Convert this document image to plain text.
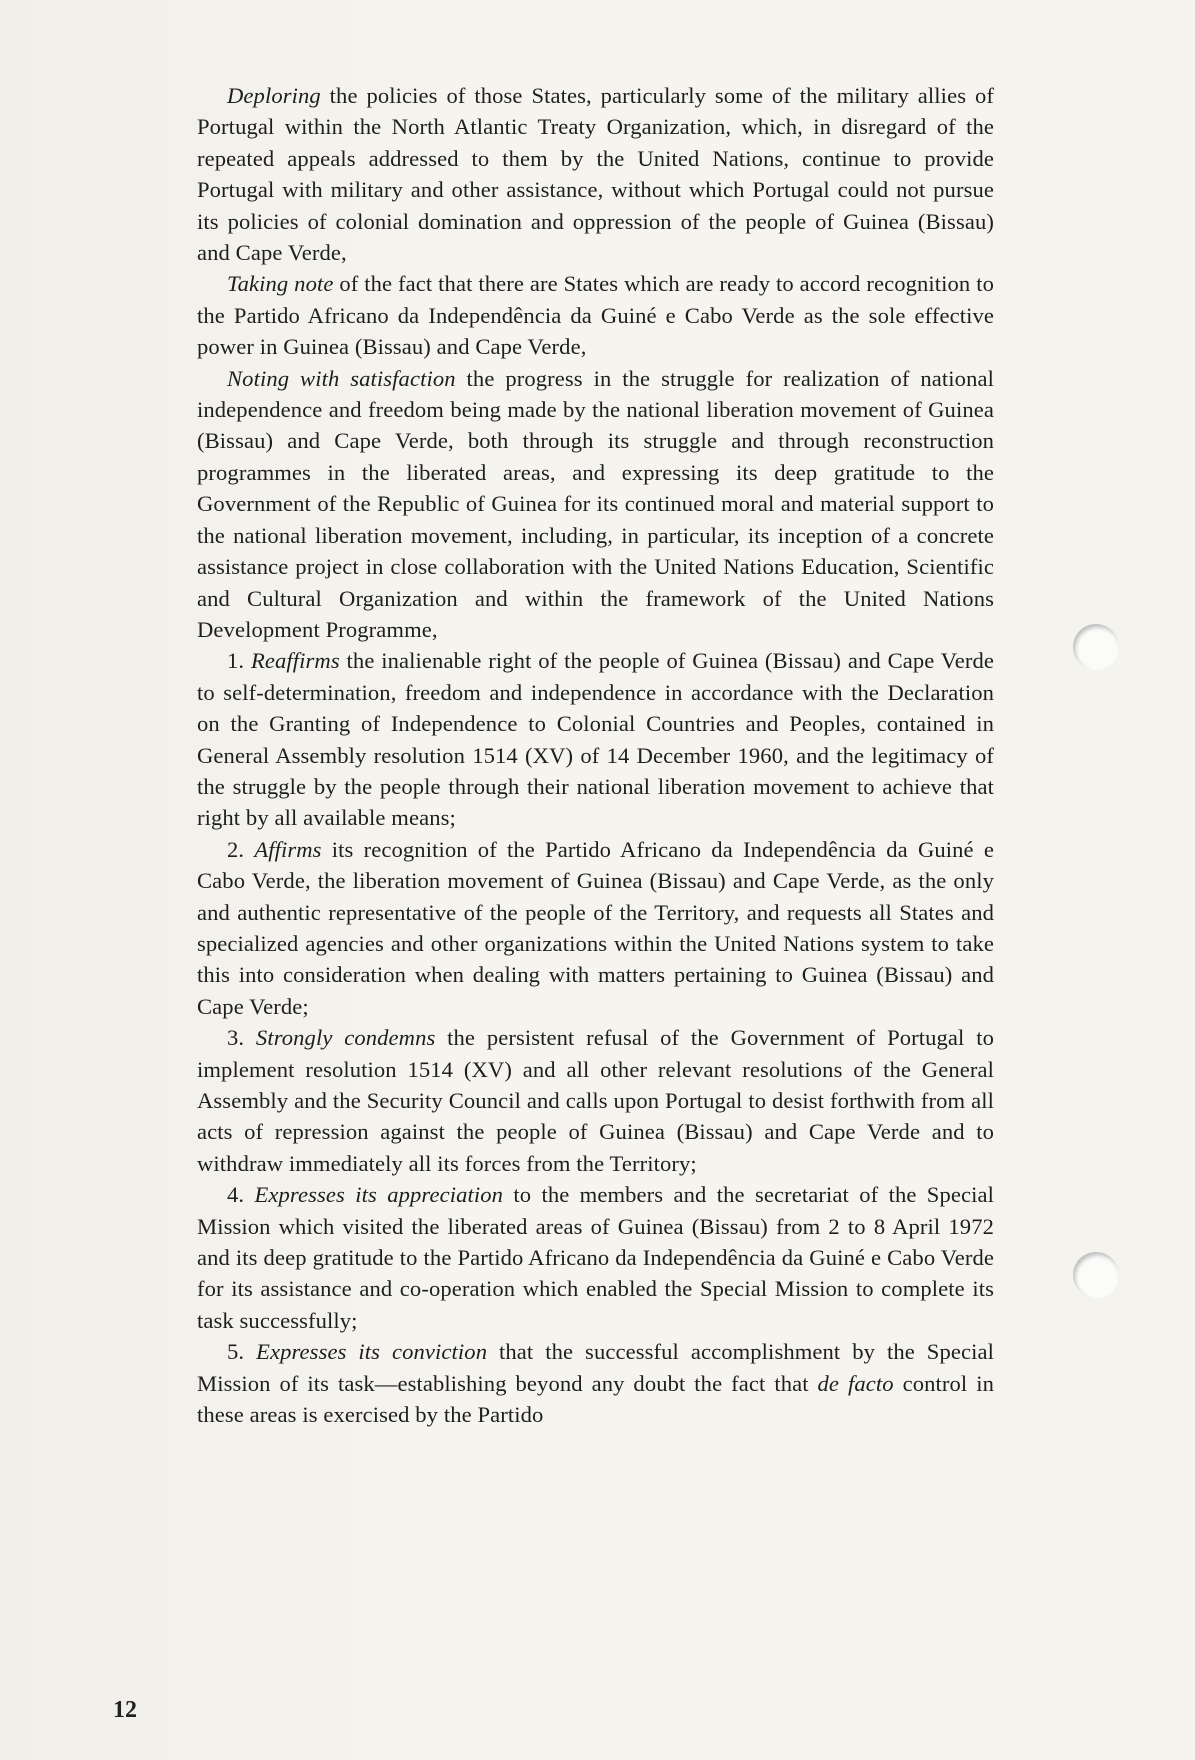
Deploring the policies of those States, particularly some of the military allies of Portugal within the North Atlantic Treaty Organization, which, in disregard of the repeated appeals addressed to them by the United Nations, continue to provide Portugal with military and other assistance, without which Portugal could not pursue its policies of colonial domination and oppression of the people of Guinea (Bissau) and Cape Verde,

Taking note of the fact that there are States which are ready to accord recognition to the Partido Africano da Independência da Guiné e Cabo Verde as the sole effective power in Guinea (Bissau) and Cape Verde,

Noting with satisfaction the progress in the struggle for realization of national independence and freedom being made by the national liberation movement of Guinea (Bissau) and Cape Verde, both through its struggle and through reconstruction programmes in the liberated areas, and expressing its deep gratitude to the Government of the Republic of Guinea for its continued moral and material support to the national liberation movement, including, in particular, its inception of a concrete assistance project in close collaboration with the United Nations Education, Scientific and Cultural Organization and within the framework of the United Nations Development Programme,

1. Reaffirms the inalienable right of the people of Guinea (Bissau) and Cape Verde to self-determination, freedom and independence in accordance with the Declaration on the Granting of Independence to Colonial Countries and Peoples, contained in General Assembly resolution 1514 (XV) of 14 December 1960, and the legitimacy of the struggle by the people through their national liberation movement to achieve that right by all available means;

2. Affirms its recognition of the Partido Africano da Independência da Guiné e Cabo Verde, the liberation movement of Guinea (Bissau) and Cape Verde, as the only and authentic representative of the people of the Territory, and requests all States and specialized agencies and other organizations within the United Nations system to take this into consideration when dealing with matters pertaining to Guinea (Bissau) and Cape Verde;

3. Strongly condemns the persistent refusal of the Government of Portugal to implement resolution 1514 (XV) and all other relevant resolutions of the General Assembly and the Security Council and calls upon Portugal to desist forthwith from all acts of repression against the people of Guinea (Bissau) and Cape Verde and to withdraw immediately all its forces from the Territory;

4. Expresses its appreciation to the members and the secretariat of the Special Mission which visited the liberated areas of Guinea (Bissau) from 2 to 8 April 1972 and its deep gratitude to the Partido Africano da Independência da Guiné e Cabo Verde for its assistance and co-operation which enabled the Special Mission to complete its task successfully;

5. Expresses its conviction that the successful accomplishment by the Special Mission of its task—establishing beyond any doubt the fact that de facto control in these areas is exercised by the Partido

12
